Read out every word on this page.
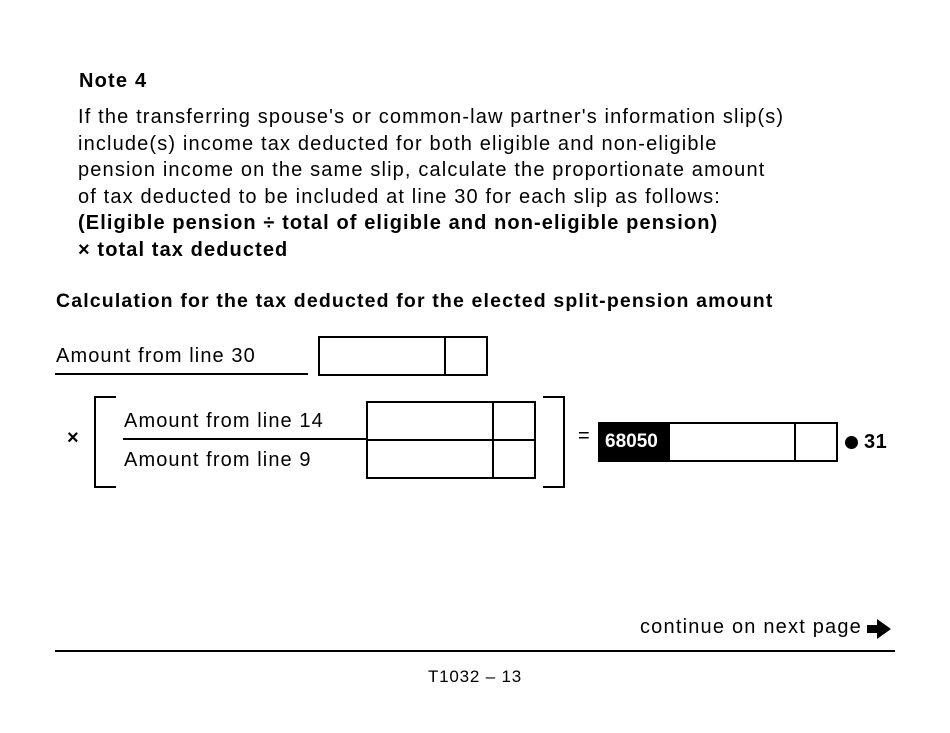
Note 4
If the transferring spouse's or common-law partner's information slip(s)
include(s) income tax deducted for both eligible and non-eligible
pension income on the same slip, calculate the proportionate amount
of tax deducted to be included at line 30 for each slip as follows:
(Eligible pension ÷ total of eligible and non-eligible pension)
× total tax deducted
Calculation for the tax deducted for the elected split-pension amount
Amount from line 30
×
Amount from line 14
Amount from line 9
= 68050	31
continue on next page
T1032 – 13
